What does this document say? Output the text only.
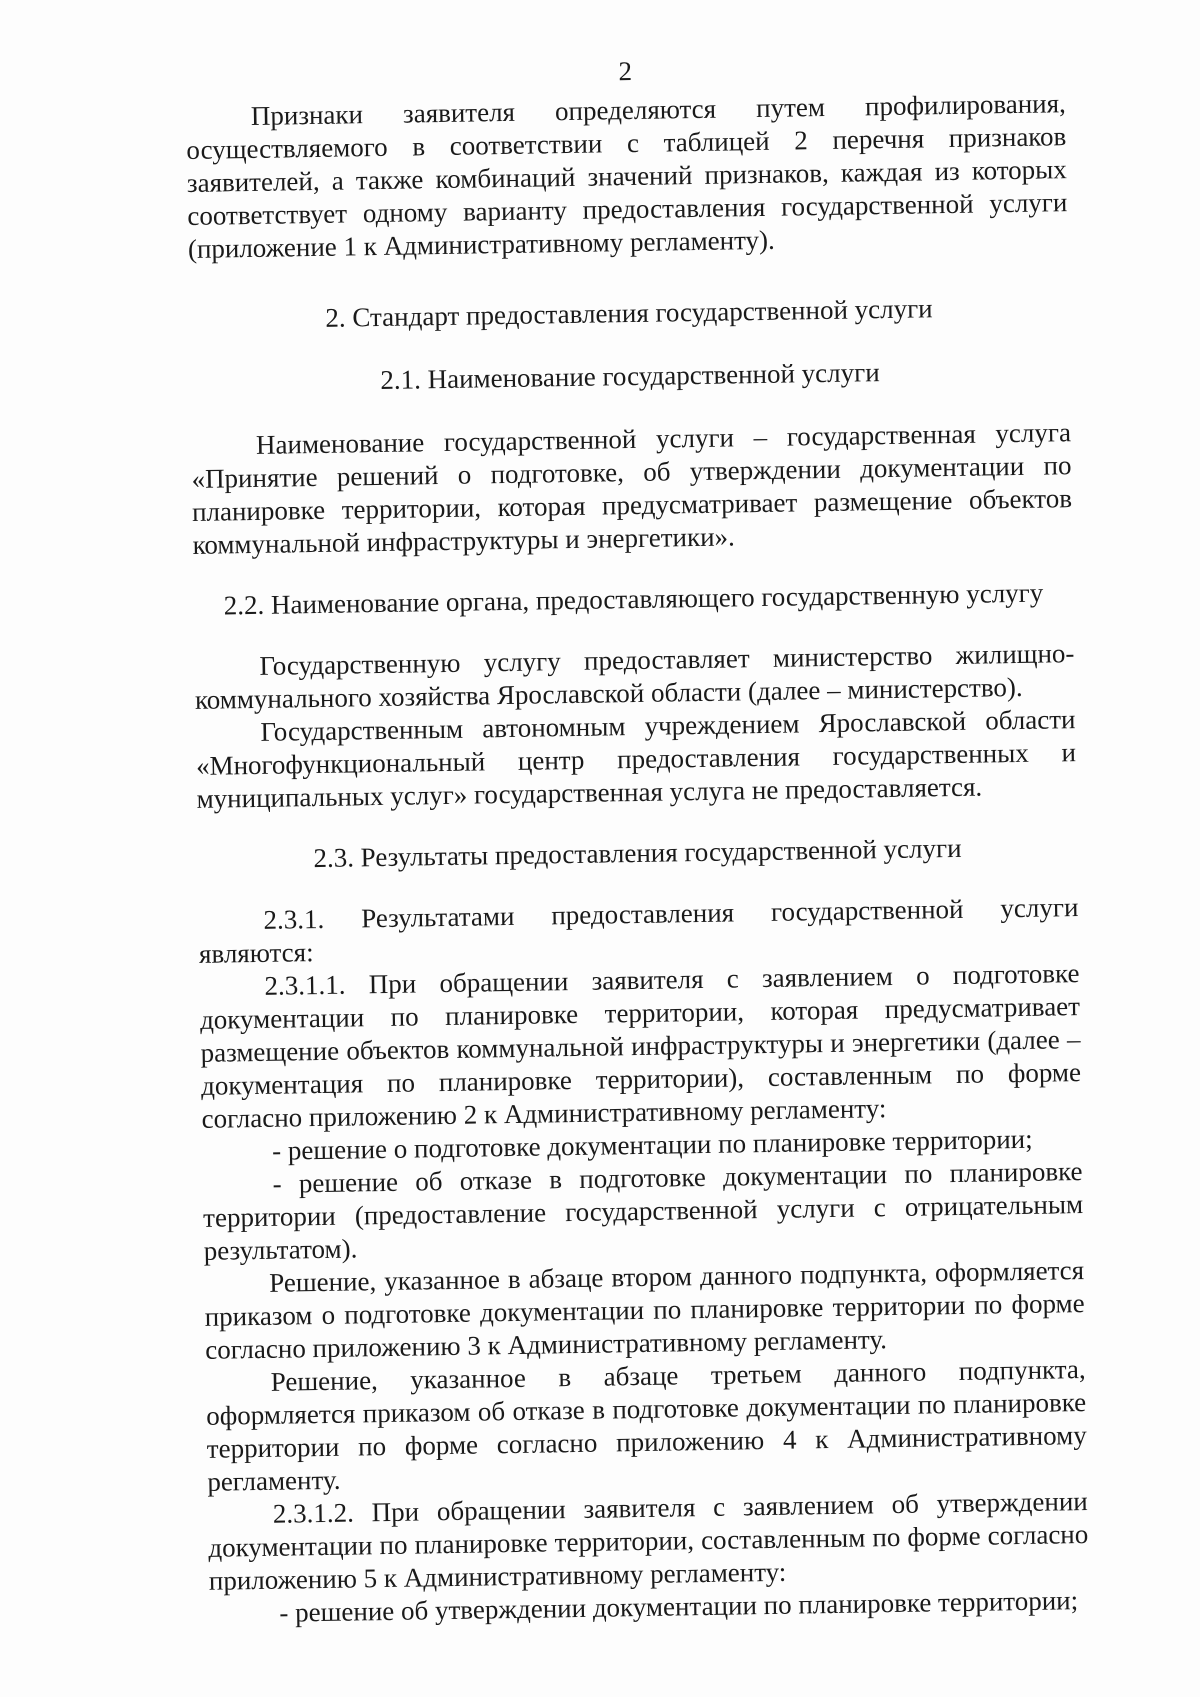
2

Признаки заявителя определяются путем профилирования, осуществляемого в соответствии с таблицей 2 перечня признаков заявителей, а также комбинаций значений признаков, каждая из которых соответствует одному варианту предоставления государственной услуги (приложение 1 к Административному регламенту).

2. Стандарт предоставления государственной услуги
2.1. Наименование государственной услуги

Наименование государственной услуги – государственная услуга «Принятие решений о подготовке, об утверждении документации по планировке территории, которая предусматривает размещение объектов коммунальной инфраструктуры и энергетики».

2.2. Наименование органа, предоставляющего государственную услугу

Государственную услугу предоставляет министерство жилищно-коммунального хозяйства Ярославской области (далее – министерство).

Государственным автономным учреждением Ярославской области «Многофункциональный центр предоставления государственных и муниципальных услуг» государственная услуга не предоставляется.

2.3. Результаты предоставления государственной услуги

2.3.1. Результатами предоставления государственной услуги являются:

2.3.1.1. При обращении заявителя с заявлением о подготовке документации по планировке территории, которая предусматривает размещение объектов коммунальной инфраструктуры и энергетики (далее – документация по планировке территории), составленным по форме согласно приложению 2 к Административному регламенту:

- решение о подготовке документации по планировке территории;

- решение об отказе в подготовке документации по планировке территории (предоставление государственной услуги с отрицательным результатом).

Решение, указанное в абзаце втором данного подпункта, оформляется приказом о подготовке документации по планировке территории по форме согласно приложению 3 к Административному регламенту.

Решение, указанное в абзаце третьем данного подпункта, оформляется приказом об отказе в подготовке документации по планировке территории по форме согласно приложению 4 к Административному регламенту.

2.3.1.2. При обращении заявителя с заявлением об утверждении документации по планировке территории, составленным по форме согласно приложению 5 к Административному регламенту:

- решение об утверждении документации по планировке территории;
